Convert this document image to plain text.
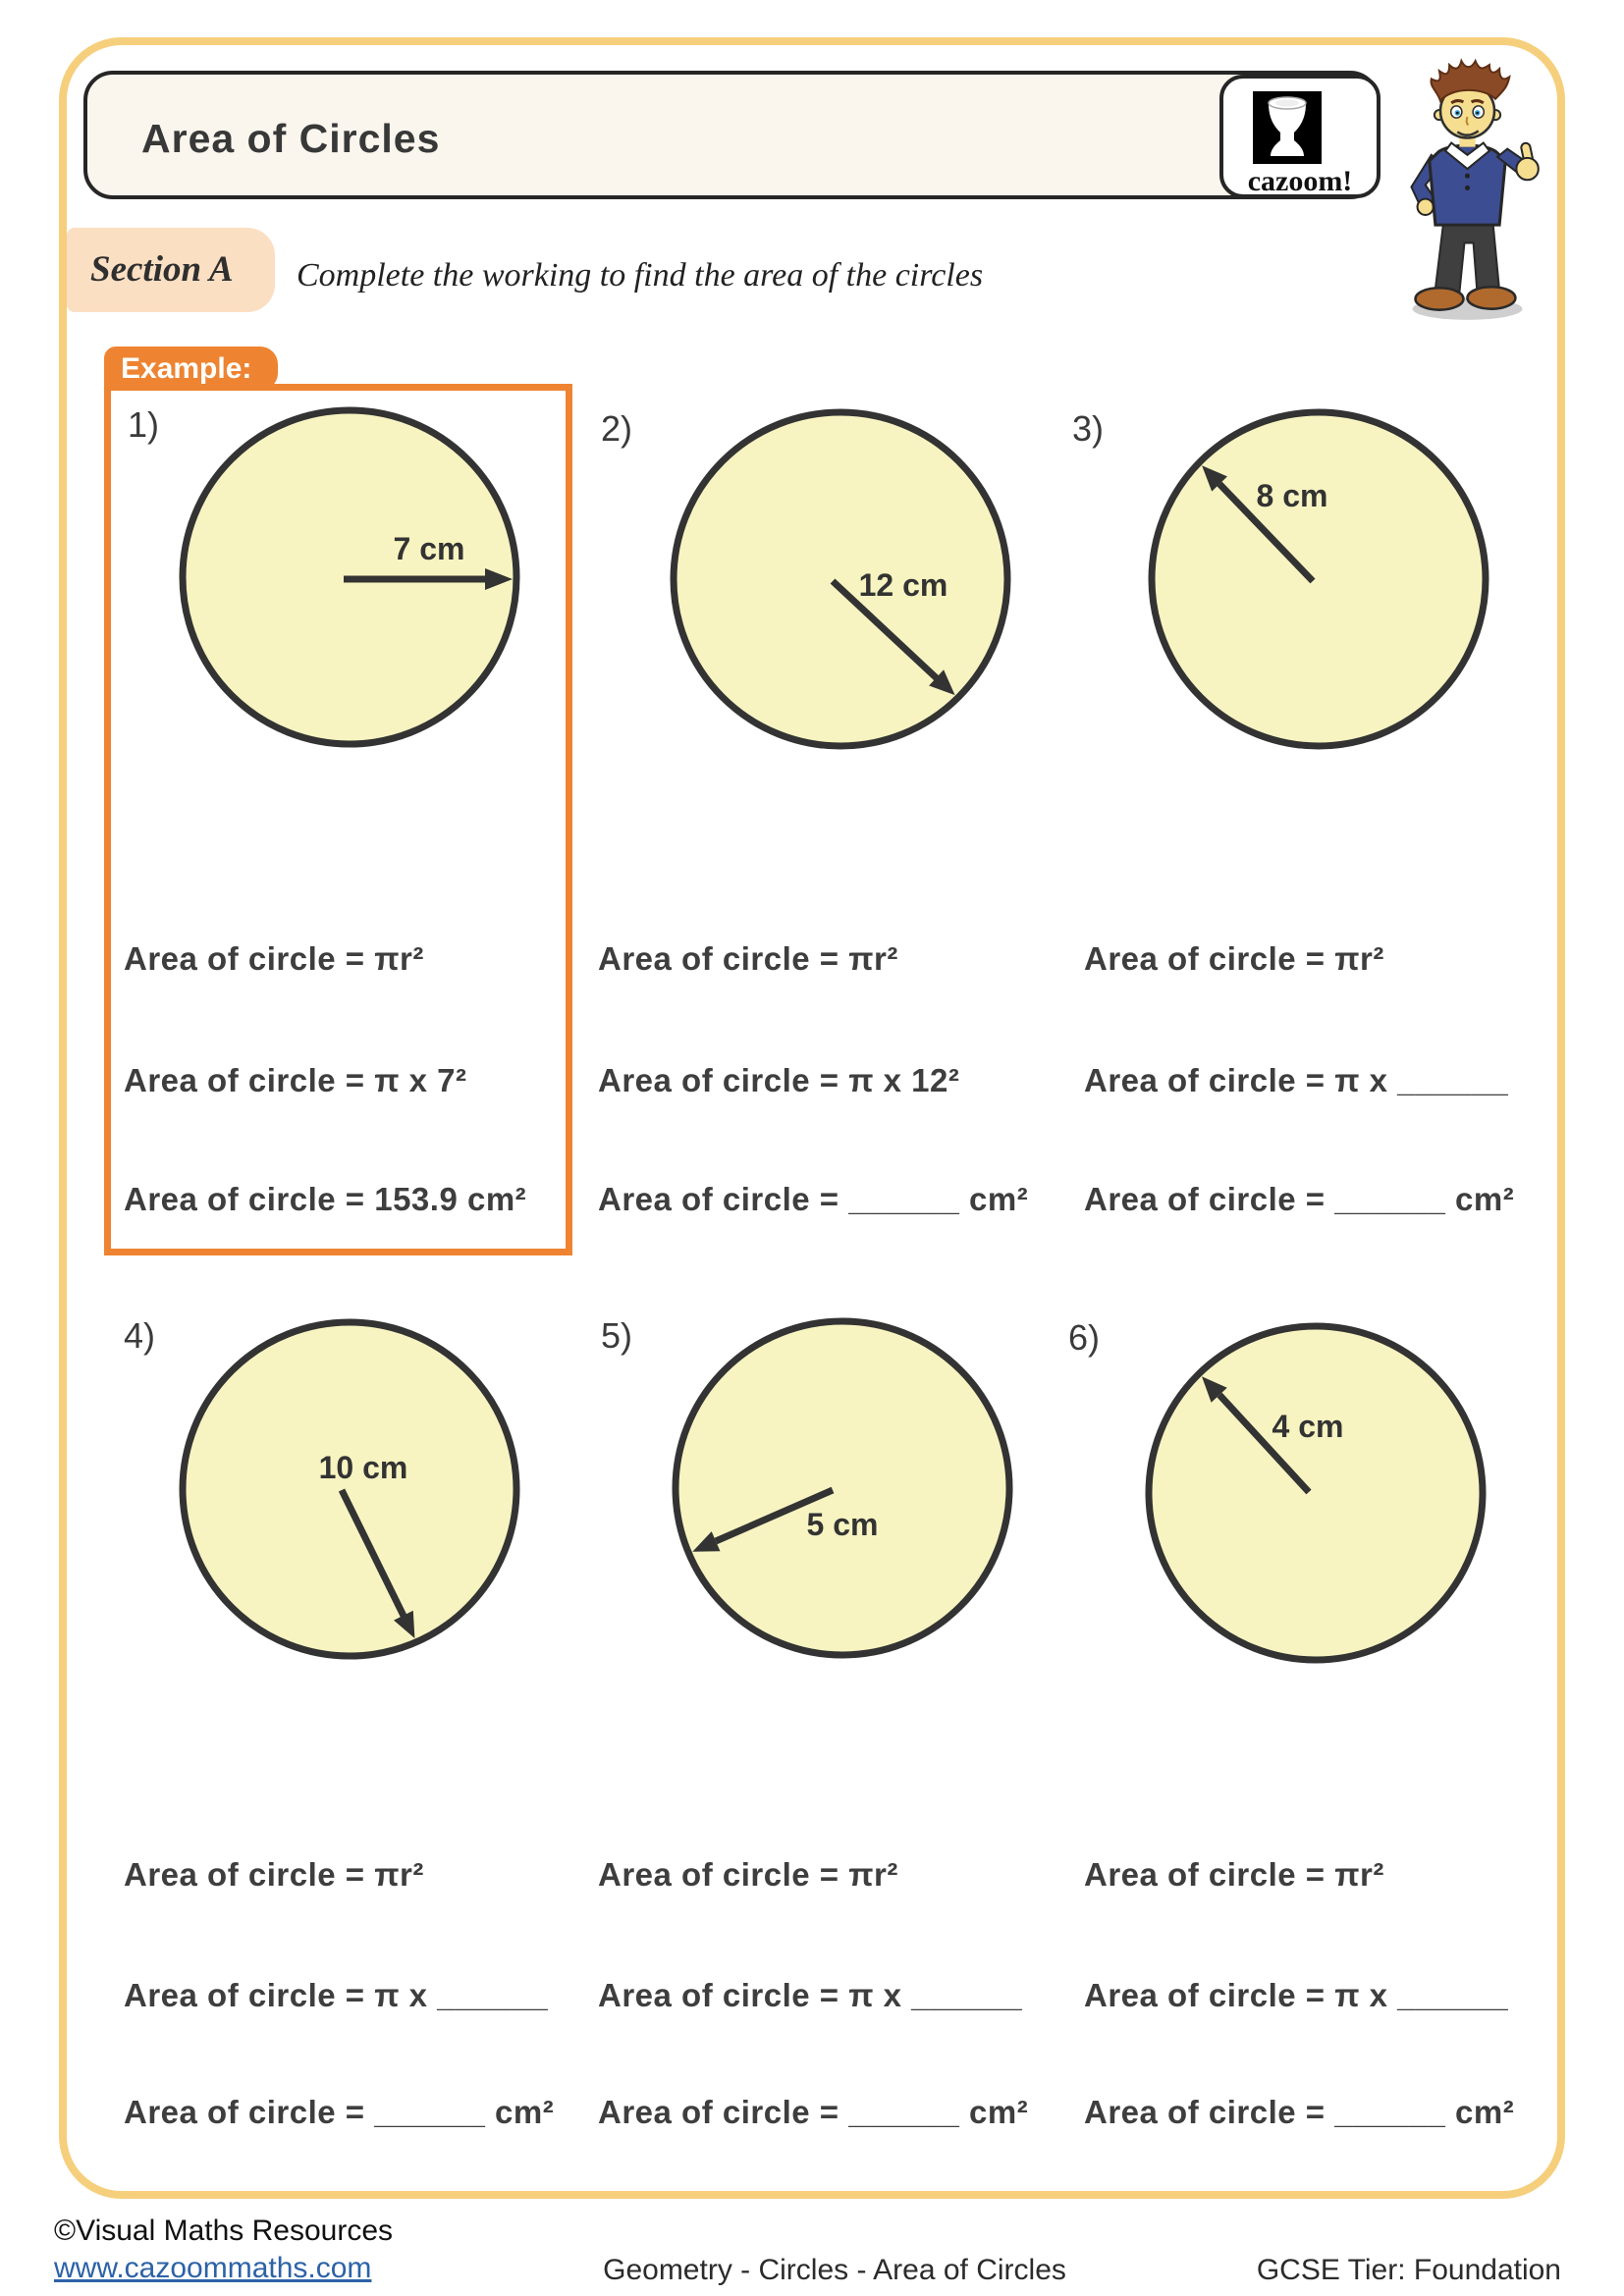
Area of Circles
cazoom!
Section A Complete the working to find the area of the circles
Example:
1)	2)	3)
4)	5)	6)
7 cm
12 cm
8 cm
10 cm
5 cm
4 cm
Area of circle = πr²
Area of circle = π x 7²
Area of circle = 153.9 cm²
Area of circle = πr²
Area of circle = π x 12²
Area of circle = ______ cm²
Area of circle = πr²
Area of circle = π x ______
Area of circle = ______ cm²
Area of circle = πr²
Area of circle = π x ______
Area of circle = ______ cm²
Area of circle = πr²
Area of circle = π x ______
Area of circle = ______ cm²
Area of circle = πr²
Area of circle = π x ______
Area of circle = ______ cm²
©Visual Maths Resources
www.cazoommaths.com	Geometry - Circles - Area of Circles	GCSE Tier: Foundation
